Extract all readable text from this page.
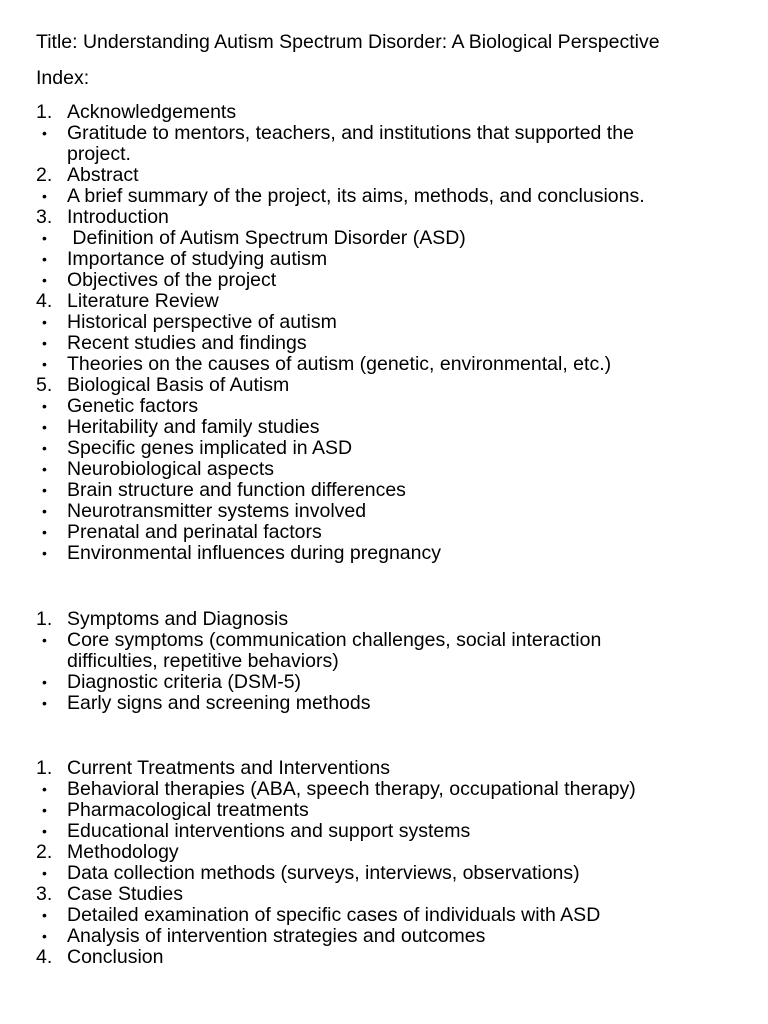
Title: Understanding Autism Spectrum Disorder: A Biological Perspective
Index:
1. Acknowledgements
•	Gratitude to mentors, teachers, and institutions that supported the project.
2. Abstract
•	A brief summary of the project, its aims, methods, and conclusions.
3. Introduction
•	Definition of Autism Spectrum Disorder (ASD)
•	Importance of studying autism
•	Objectives of the project
4. Literature Review
•	Historical perspective of autism
•	Recent studies and findings
•	Theories on the causes of autism (genetic, environmental, etc.)
5. Biological Basis of Autism
•	Genetic factors
•	Heritability and family studies
•	Specific genes implicated in ASD
•	Neurobiological aspects
•	Brain structure and function differences
•	Neurotransmitter systems involved
•	Prenatal and perinatal factors
•	Environmental influences during pregnancy
1. Symptoms and Diagnosis
•	Core symptoms (communication challenges, social interaction difficulties, repetitive behaviors)
•	Diagnostic criteria (DSM-5)
•	Early signs and screening methods
1. Current Treatments and Interventions
•	Behavioral therapies (ABA, speech therapy, occupational therapy)
•	Pharmacological treatments
•	Educational interventions and support systems
2. Methodology
•	Data collection methods (surveys, interviews, observations)
3. Case Studies
•	Detailed examination of specific cases of individuals with ASD
•	Analysis of intervention strategies and outcomes
4. Conclusion
